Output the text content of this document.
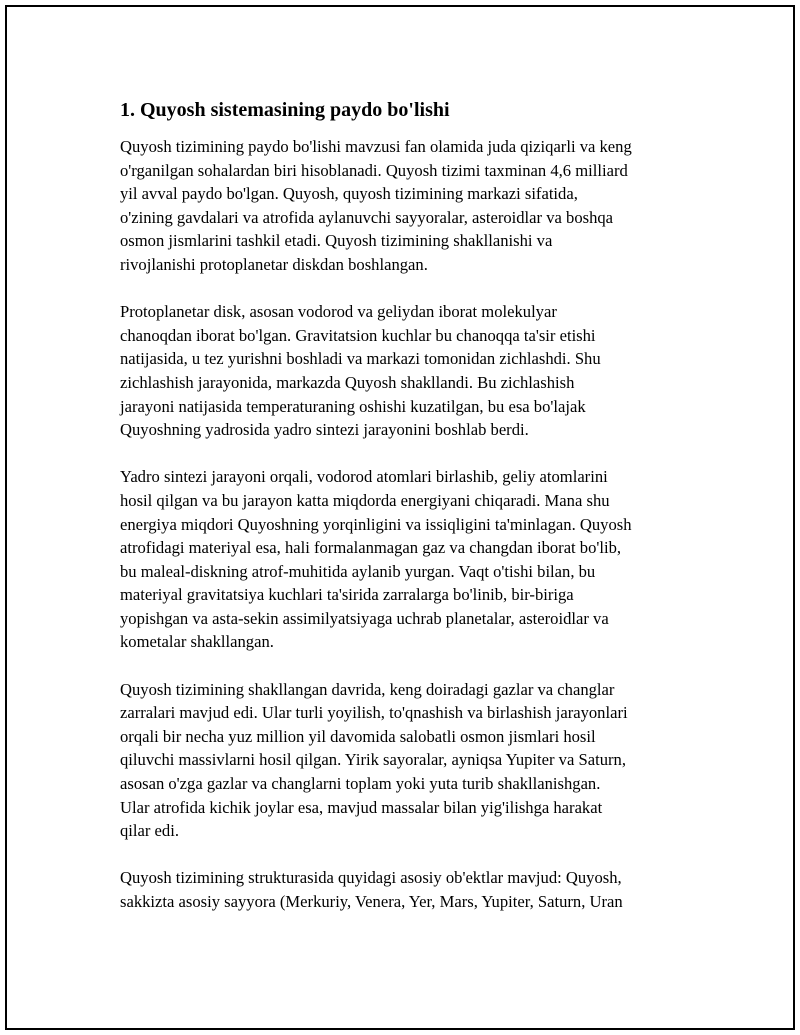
1. Quyosh sistemasining paydo bo'lishi

Quyosh tizimining paydo bo'lishi mavzusi fan olamida juda qiziqarli va keng
o'rganilgan sohalardan biri hisoblanadi. Quyosh tizimi taxminan 4,6 milliard
yil avval paydo bo'lgan. Quyosh, quyosh tizimining markazi sifatida,
o'zining gavdalari va atrofida aylanuvchi sayyoralar, asteroidlar va boshqa
osmon jismlarini tashkil etadi. Quyosh tizimining shakllanishi va
rivojlanishi protoplanetar diskdan boshlangan.

Protoplanetar disk, asosan vodorod va geliydan iborat molekulyar
chanoqdan iborat bo'lgan. Gravitatsion kuchlar bu chanoqqa ta'sir etishi
natijasida, u tez yurishni boshladi va markazi tomonidan zichlashdi. Shu
zichlashish jarayonida, markazda Quyosh shakllandi. Bu zichlashish
jarayoni natijasida temperaturaning oshishi kuzatilgan, bu esa bo'lajak
Quyoshning yadrosida yadro sintezi jarayonini boshlab berdi.

Yadro sintezi jarayoni orqali, vodorod atomlari birlashib, geliy atomlarini
hosil qilgan va bu jarayon katta miqdorda energiyani chiqaradi. Mana shu
energiya miqdori Quyoshning yorqinligini va issiqligini ta'minlagan. Quyosh
atrofidagi materiyal esa, hali formalanmagan gaz va changdan iborat bo'lib,
bu maleal-diskning atrof-muhitida aylanib yurgan. Vaqt o'tishi bilan, bu
materiyal gravitatsiya kuchlari ta'sirida zarralarga bo'linib, bir-biriga
yopishgan va asta-sekin assimilyatsiyaga uchrab planetalar, asteroidlar va
kometalar shakllangan.

Quyosh tizimining shakllangan davrida, keng doiradagi gazlar va changlar
zarralari mavjud edi. Ular turli yoyilish, to'qnashish va birlashish jarayonlari
orqali bir necha yuz million yil davomida salobatli osmon jismlari hosil
qiluvchi massivlarni hosil qilgan. Yirik sayoralar, ayniqsa Yupiter va Saturn,
asosan o'zga gazlar va changlarni toplam yoki yuta turib shakllanishgan.
Ular atrofida kichik joylar esa, mavjud massalar bilan yig'ilishga harakat
qilar edi.

Quyosh tizimining strukturasida quyidagi asosiy ob'ektlar mavjud: Quyosh,
sakkizta asosiy sayyora (Merkuriy, Venera, Yer, Mars, Yupiter, Saturn, Uran
